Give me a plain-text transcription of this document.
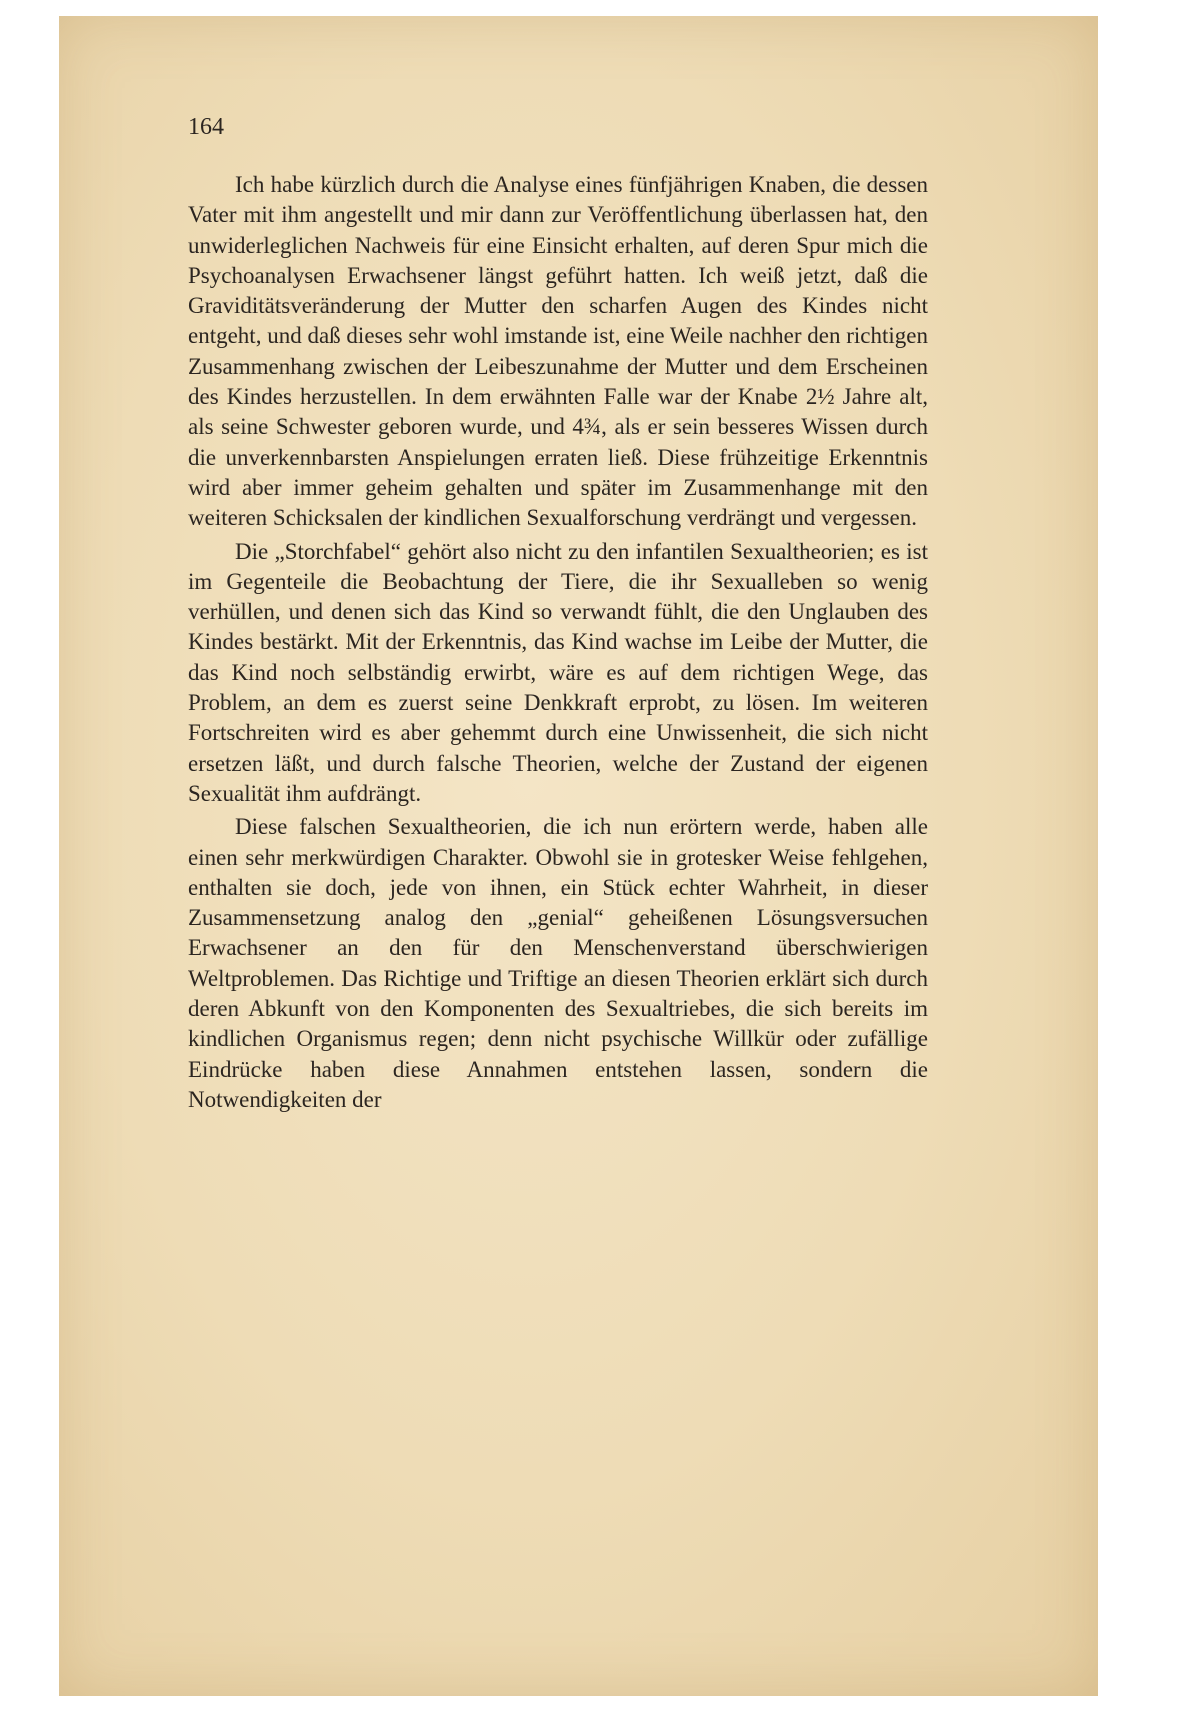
164

Ich habe kürzlich durch die Analyse eines fünfjährigen Knaben, die dessen Vater mit ihm angestellt und mir dann zur Veröffentlichung überlassen hat, den unwiderleglichen Nachweis für eine Einsicht erhalten, auf deren Spur mich die Psychoanalysen Erwachsener längst geführt hatten. Ich weiß jetzt, daß die Graviditätsveränderung der Mutter den scharfen Augen des Kindes nicht entgeht, und daß dieses sehr wohl imstande ist, eine Weile nachher den richtigen Zusammenhang zwischen der Leibeszunahme der Mutter und dem Erscheinen des Kindes herzustellen. In dem erwähnten Falle war der Knabe 2½ Jahre alt, als seine Schwester geboren wurde, und 4¾, als er sein besseres Wissen durch die unverkennbarsten Anspielungen erraten ließ. Diese frühzeitige Erkenntnis wird aber immer geheim gehalten und später im Zusammenhange mit den weiteren Schicksalen der kindlichen Sexualforschung verdrängt und vergessen.

Die „Storchfabel“ gehört also nicht zu den infantilen Sexualtheorien; es ist im Gegenteile die Beobachtung der Tiere, die ihr Sexualleben so wenig verhüllen, und denen sich das Kind so verwandt fühlt, die den Unglauben des Kindes bestärkt. Mit der Erkenntnis, das Kind wachse im Leibe der Mutter, die das Kind noch selbständig erwirbt, wäre es auf dem richtigen Wege, das Problem, an dem es zuerst seine Denkkraft erprobt, zu lösen. Im weiteren Fortschreiten wird es aber gehemmt durch eine Unwissenheit, die sich nicht ersetzen läßt, und durch falsche Theorien, welche der Zustand der eigenen Sexualität ihm aufdrängt.

Diese falschen Sexualtheorien, die ich nun erörtern werde, haben alle einen sehr merkwürdigen Charakter. Obwohl sie in grotesker Weise fehlgehen, enthalten sie doch, jede von ihnen, ein Stück echter Wahrheit, in dieser Zusammensetzung analog den „genial“ geheißenen Lösungsversuchen Erwachsener an den für den Menschenverstand überschwierigen Weltproblemen. Das Richtige und Triftige an diesen Theorien erklärt sich durch deren Abkunft von den Komponenten des Sexualtriebes, die sich bereits im kindlichen Organismus regen; denn nicht psychische Willkür oder zufällige Eindrücke haben diese Annahmen entstehen lassen, sondern die Notwendigkeiten der
